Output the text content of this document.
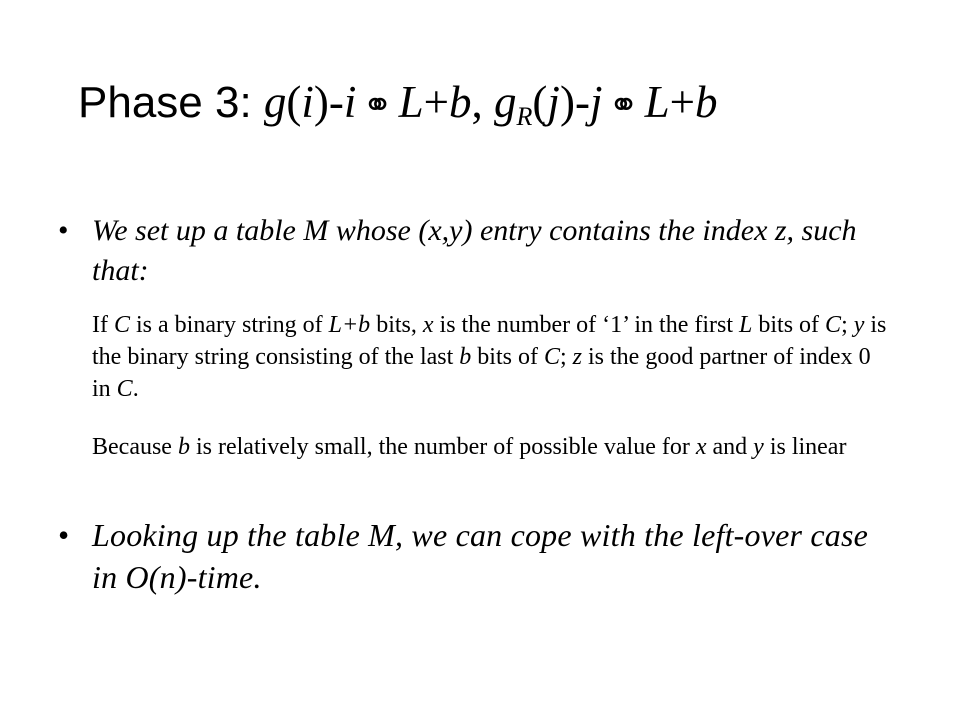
Phase 3: g(i)-i ⚭ L+b, $g_R(j)-j$ ⚭ L+b
• We set up a table M whose (x,y) entry contains the index z, such that:
If C is a binary string of L+b bits, x is the number of ‘1’ in the first L bits of C; y is the binary string consisting of the last b bits of C; z is the good partner of index 0 in C.
Because b is relatively small, the number of possible value for x and y is linear
• Looking up the table M, we can cope with the left-over case in O(n)-time.
